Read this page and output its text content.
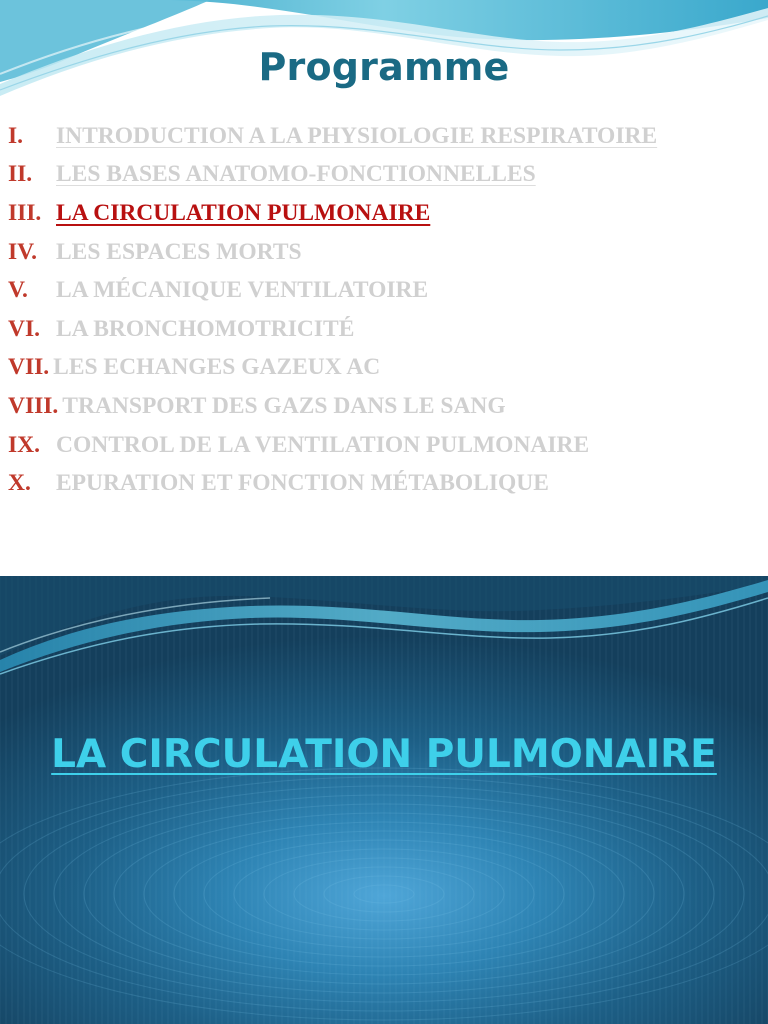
Programme
I.	INTRODUCTION A LA PHYSIOLOGIE RESPIRATOIRE
II.	LES BASES ANATOMO-FONCTIONNELLES
III. LA CIRCULATION PULMONAIRE
IV. LES ESPACES MORTS
V.	LA MÉCANIQUE VENTILATOIRE
VI. LA BRONCHOMOTRICITÉ
VII. LES ECHANGES GAZEUX AC
VIII. TRANSPORT DES GAZS DANS LE SANG
IX. CONTROL DE LA VENTILATION PULMONAIRE
X.	EPURATION ET FONCTION MÉTABOLIQUE
LA CIRCULATION PULMONAIRE
